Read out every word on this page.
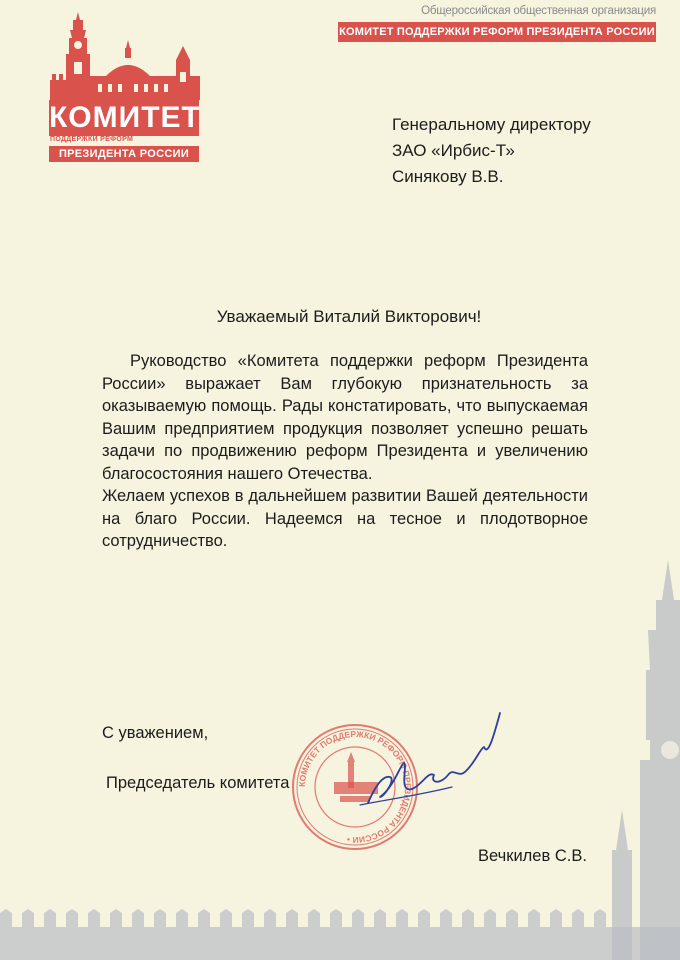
Общероссийская общественная организация
КОМИТЕТ ПОДДЕРЖКИ РЕФОРМ ПРЕЗИДЕНТА РОССИИ
КОМИТЕТ
ПОДДЕРЖКИ РЕФОРМ
ПРЕЗИДЕНТА РОССИИ
Генеральному директору
ЗАО «Ирбис-Т»
Синякову В.В.
Уважаемый Виталий Викторович!

Руководство «Комитета поддержки реформ Президента России» выражает Вам глубокую признательность за оказываемую помощь. Рады констатировать, что выпускаемая Вашим предприятием продукция позволяет успешно решать задачи по продвижению реформ Президента и увеличению благосостояния нашего Отечества.

Желаем успехов в дальнейшем развитии Вашей деятельности на благо России. Надеемся на тесное и плодотворное сотрудничество.

С уважением,
Председатель комитета КОМИТЕТ ПОДДЕРЖКИ РЕФОРМ ПРЕЗИДЕНТА РОССИИ •
Вечкилев С.В.
